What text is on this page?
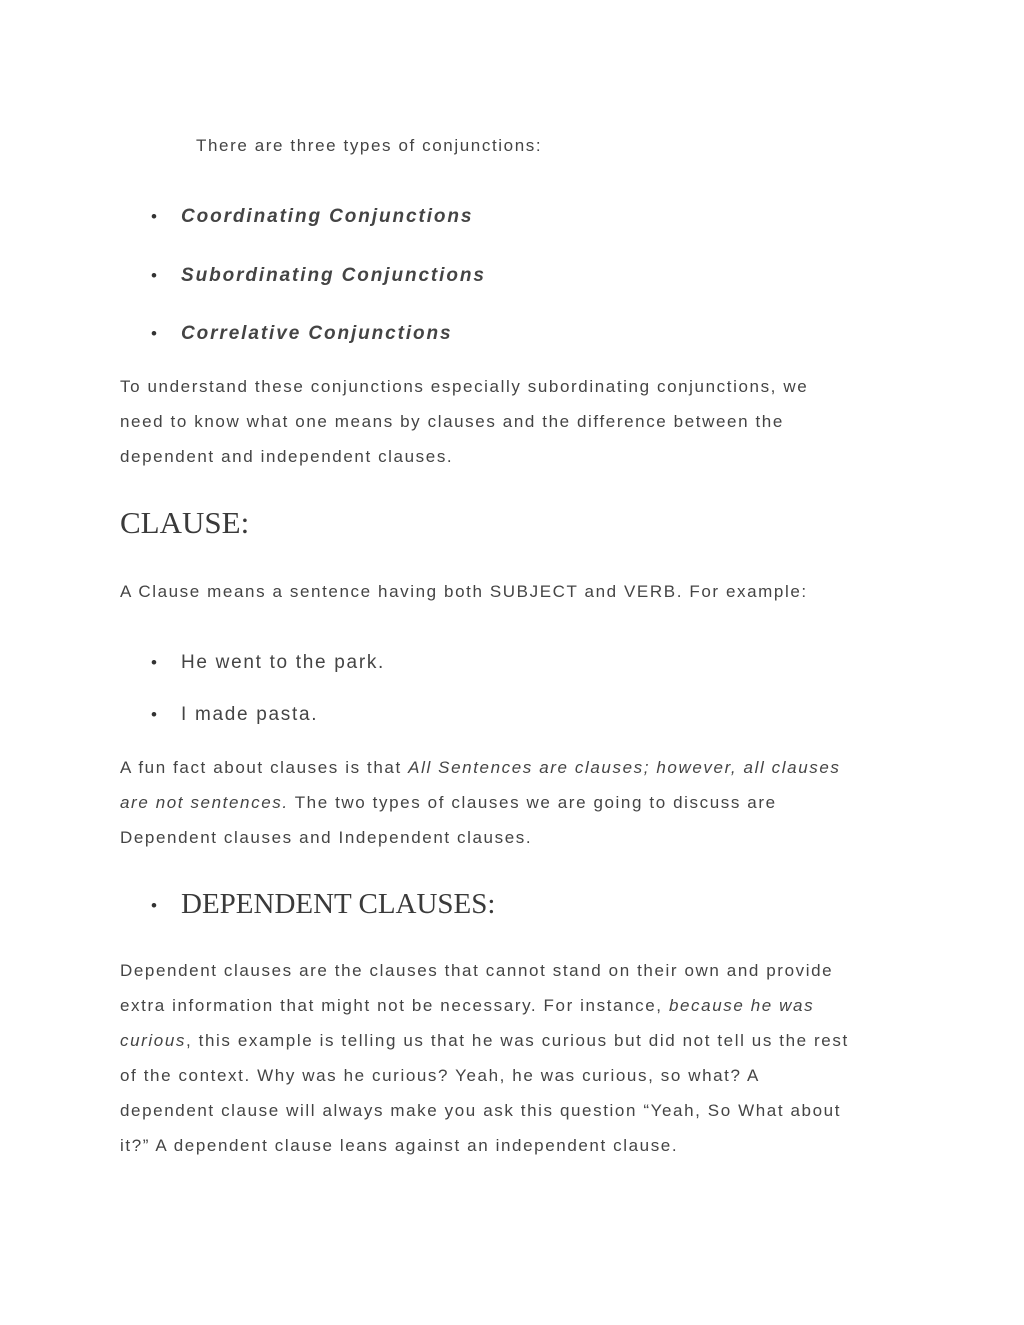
There are three types of conjunctions:

• Coordinating Conjunctions
• Subordinating Conjunctions
• Correlative Conjunctions

To understand these conjunctions especially subordinating conjunctions, we
need to know what one means by clauses and the difference between the
dependent and independent clauses.

CLAUSE:

A Clause means a sentence having both SUBJECT and VERB. For example:

• He went to the park.
• I made pasta.

A fun fact about clauses is that All Sentences are clauses; however, all clauses
are not sentences. The two types of clauses we are going to discuss are
Dependent clauses and Independent clauses.

• DEPENDENT CLAUSES:

Dependent clauses are the clauses that cannot stand on their own and provide
extra information that might not be necessary. For instance, because he was
curious, this example is telling us that he was curious but did not tell us the rest
of the context. Why was he curious? Yeah, he was curious, so what? A
dependent clause will always make you ask this question “Yeah, So What about
it?” A dependent clause leans against an independent clause.
